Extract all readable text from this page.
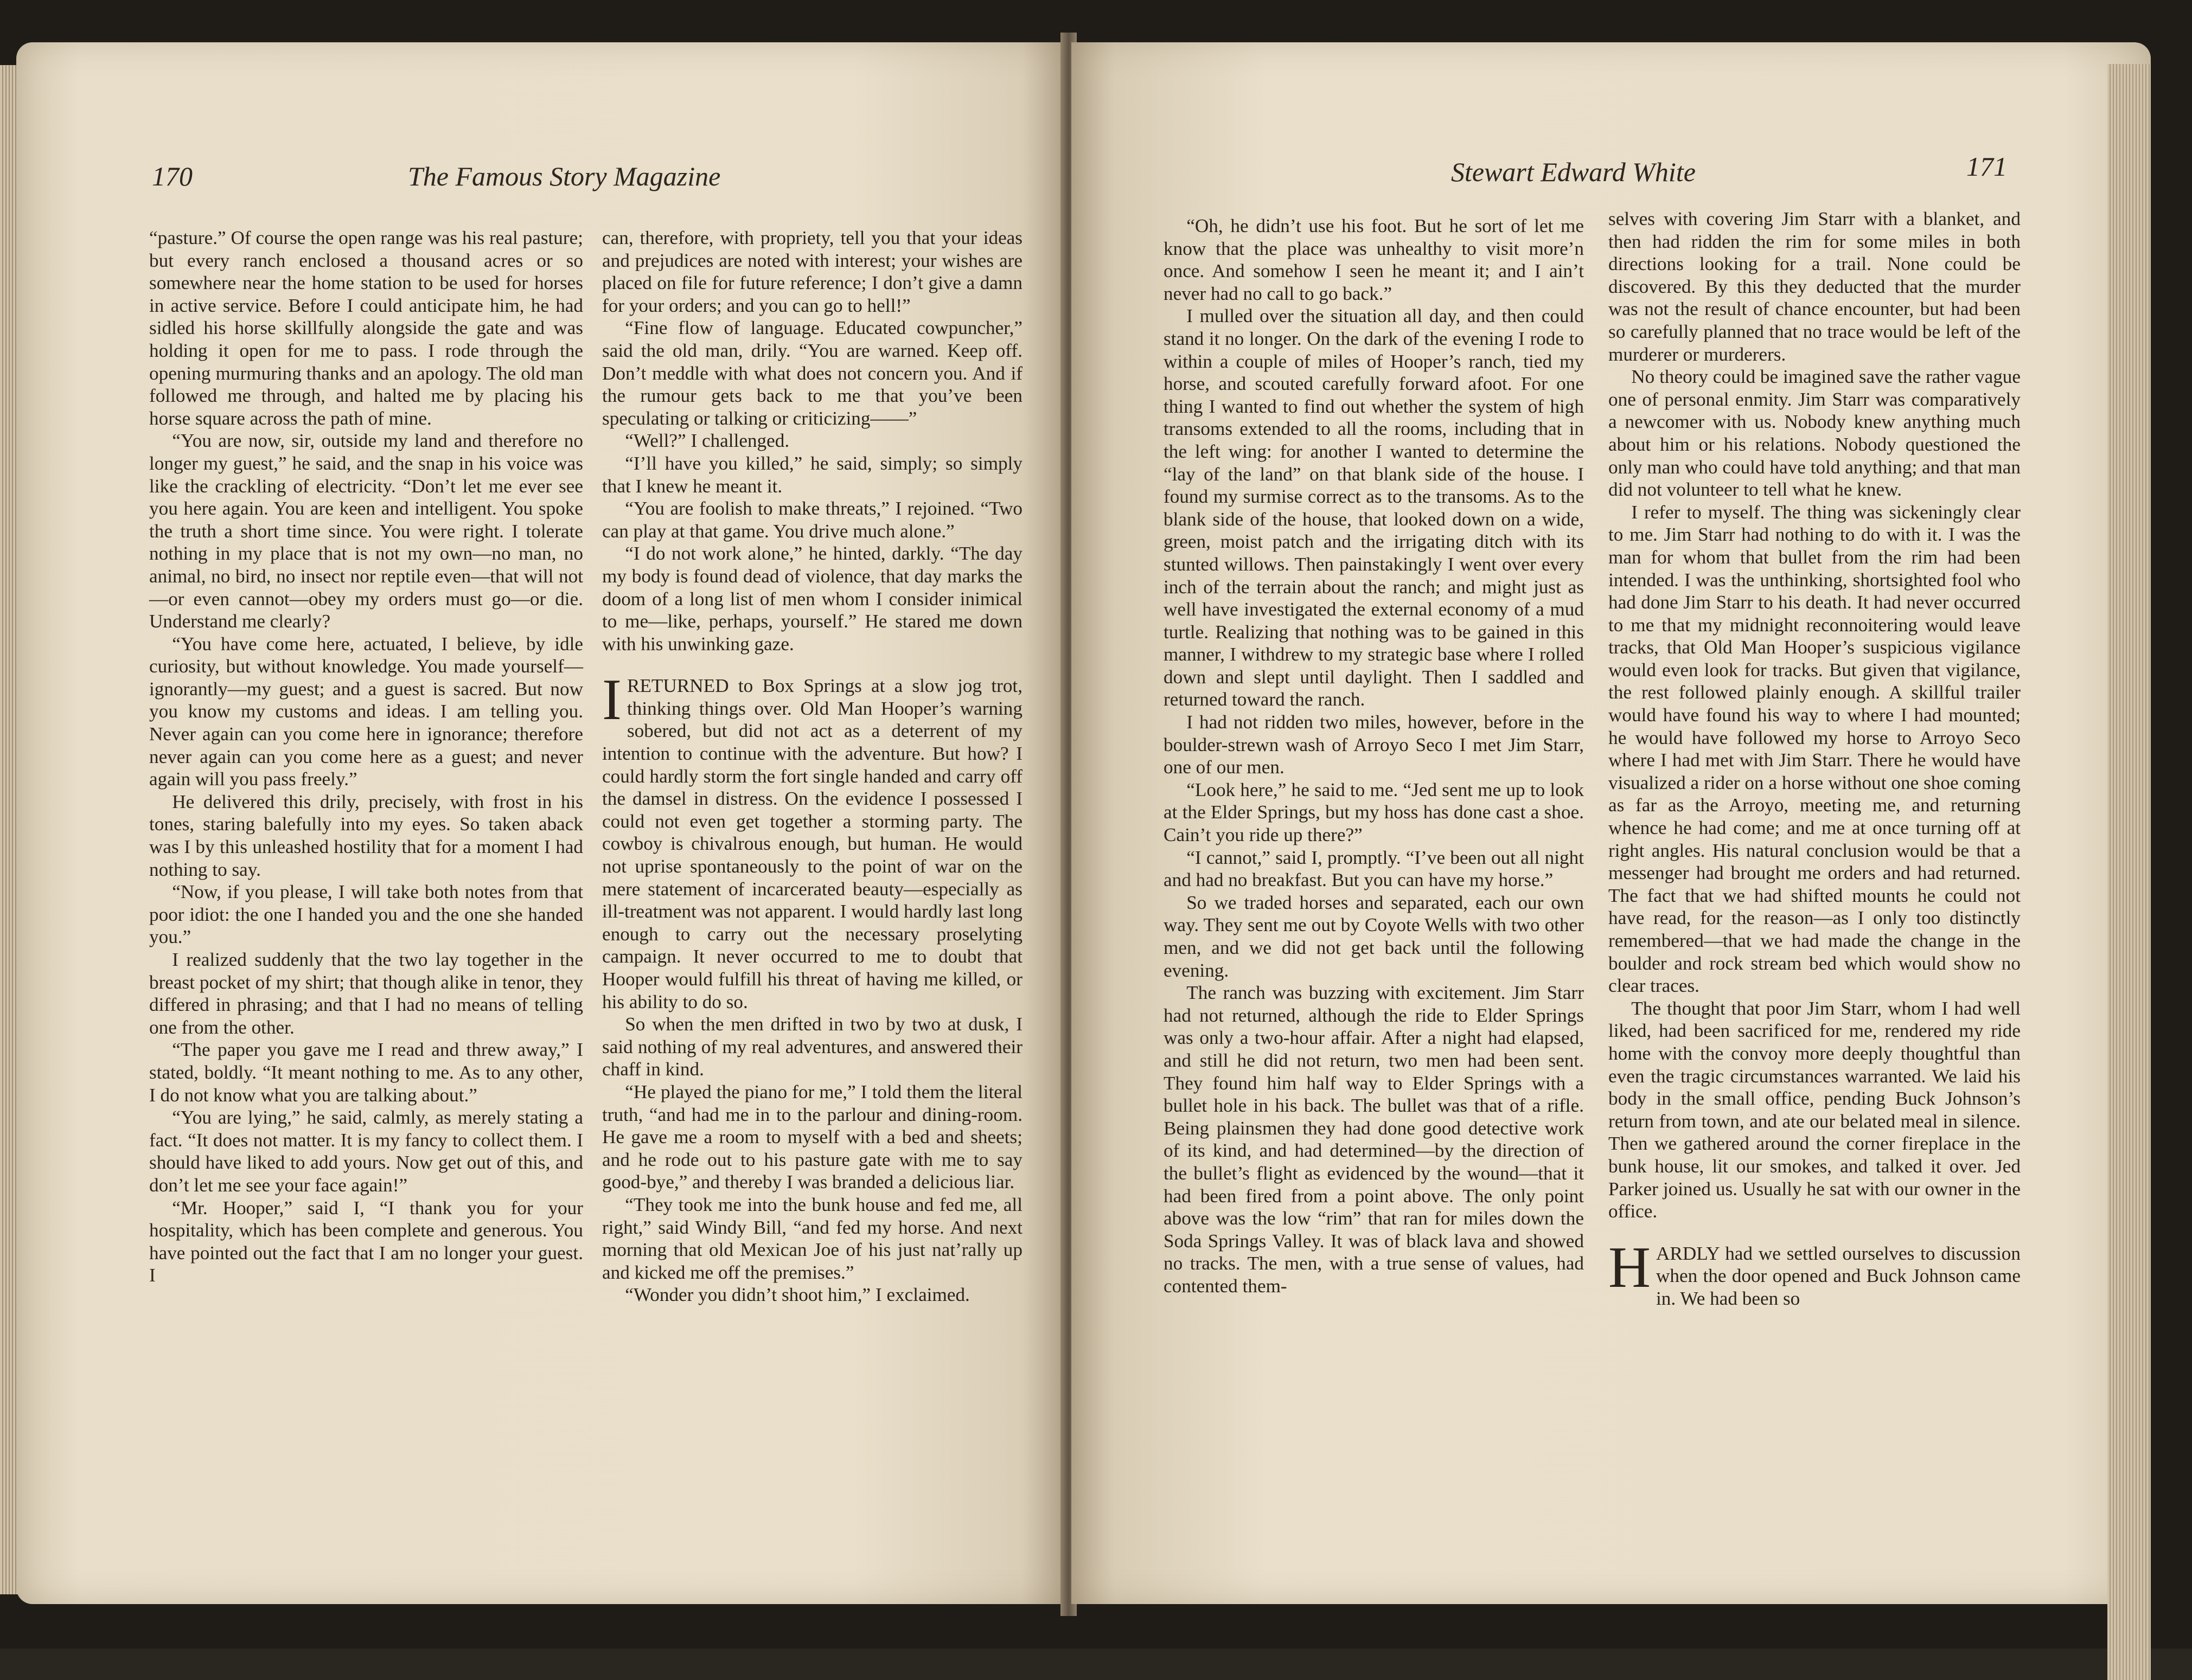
170	The Famous Story Magazine

“pasture.” Of course the open range was his real pasture; but every ranch enclosed a thousand acres or so somewhere near the home station to be used for horses in active service. Before I could anticipate him, he had sidled his horse skillfully alongside the gate and was holding it open for me to pass. I rode through the opening murmuring thanks and an apology. The old man followed me through, and halted me by placing his horse square across the path of mine.

“You are now, sir, outside my land and therefore no longer my guest,” he said, and the snap in his voice was like the crackling of electricity. “Don’t let me ever see you here again. You are keen and intelligent. You spoke the truth a short time since. You were right. I tolerate nothing in my place that is not my own—no man, no animal, no bird, no insect nor reptile even—that will not—or even cannot—obey my orders must go—or die. Understand me clearly?

“You have come here, actuated, I believe, by idle curiosity, but without knowledge. You made yourself—ignorantly—my guest; and a guest is sacred. But now you know my customs and ideas. I am telling you. Never again can you come here in ignorance; therefore never again can you come here as a guest; and never again will you pass freely.”

He delivered this drily, precisely, with frost in his tones, staring balefully into my eyes. So taken aback was I by this unleashed hostility that for a moment I had nothing to say.

“Now, if you please, I will take both notes from that poor idiot: the one I handed you and the one she handed you.”

I realized suddenly that the two lay together in the breast pocket of my shirt; that though alike in tenor, they differed in phrasing; and that I had no means of telling one from the other.

“The paper you gave me I read and threw away,” I stated, boldly. “It meant nothing to me. As to any other, I do not know what you are talking about.”

“You are lying,” he said, calmly, as merely stating a fact. “It does not matter. It is my fancy to collect them. I should have liked to add yours. Now get out of this, and don’t let me see your face again!”

“Mr. Hooper,” said I, “I thank you for your hospitality, which has been complete and generous. You have pointed out the fact that I am no longer your guest. I

can, therefore, with propriety, tell you that your ideas and prejudices are noted with interest; your wishes are placed on file for future reference; I don’t give a damn for your orders; and you can go to hell!”

“Fine flow of language. Educated cowpuncher,” said the old man, drily. “You are warned. Keep off. Don’t meddle with what does not concern you. And if the rumour gets back to me that you’ve been speculating or talking or criticizing——”

“Well?” I challenged.

“I’ll have you killed,” he said, simply; so simply that I knew he meant it.

“You are foolish to make threats,” I rejoined. “Two can play at that game. You drive much alone.”

“I do not work alone,” he hinted, darkly. “The day my body is found dead of violence, that day marks the doom of a long list of men whom I consider inimical to me—like, perhaps, yourself.” He stared me down with his unwinking gaze.

IRETURNED to Box Springs at a slow jog trot, thinking things over. Old Man Hooper’s warning sobered, but did not act as a deterrent of my intention to continue with the adventure. But how? I could hardly storm the fort single handed and carry off the damsel in distress. On the evidence I possessed I could not even get together a storming party. The cowboy is chivalrous enough, but human. He would not uprise spontaneously to the point of war on the mere statement of incarcerated beauty—especially as ill-treatment was not apparent. I would hardly last long enough to carry out the necessary proselyting campaign. It never occurred to me to doubt that Hooper would fulfill his threat of having me killed, or his ability to do so.

So when the men drifted in two by two at dusk, I said nothing of my real adventures, and answered their chaff in kind.

“He played the piano for me,” I told them the literal truth, “and had me in to the parlour and dining-room. He gave me a room to myself with a bed and sheets; and he rode out to his pasture gate with me to say good-bye,” and thereby I was branded a delicious liar.

“They took me into the bunk house and fed me, all right,” said Windy Bill, “and fed my horse. And next morning that old Mexican Joe of his just nat’rally up and kicked me off the premises.”

“Wonder you didn’t shoot him,” I exclaimed.

Stewart Edward White	171

“Oh, he didn’t use his foot. But he sort of let me know that the place was unhealthy to visit more’n once. And somehow I seen he meant it; and I ain’t never had no call to go back.”

I mulled over the situation all day, and then could stand it no longer. On the dark of the evening I rode to within a couple of miles of Hooper’s ranch, tied my horse, and scouted carefully forward afoot. For one thing I wanted to find out whether the system of high transoms extended to all the rooms, including that in the left wing: for another I wanted to determine the “lay of the land” on that blank side of the house. I found my surmise correct as to the transoms. As to the blank side of the house, that looked down on a wide, green, moist patch and the irrigating ditch with its stunted willows. Then painstakingly I went over every inch of the terrain about the ranch; and might just as well have investigated the external economy of a mud turtle. Realizing that nothing was to be gained in this manner, I withdrew to my strategic base where I rolled down and slept until daylight. Then I saddled and returned toward the ranch.

I had not ridden two miles, however, before in the boulder-strewn wash of Arroyo Seco I met Jim Starr, one of our men.

“Look here,” he said to me. “Jed sent me up to look at the Elder Springs, but my hoss has done cast a shoe. Cain’t you ride up there?”

“I cannot,” said I, promptly. “I’ve been out all night and had no breakfast. But you can have my horse.”

So we traded horses and separated, each our own way. They sent me out by Coyote Wells with two other men, and we did not get back until the following evening.

The ranch was buzzing with excitement. Jim Starr had not returned, although the ride to Elder Springs was only a two-hour affair. After a night had elapsed, and still he did not return, two men had been sent. They found him half way to Elder Springs with a bullet hole in his back. The bullet was that of a rifle. Being plainsmen they had done good detective work of its kind, and had determined—by the direction of the bullet’s flight as evidenced by the wound—that it had been fired from a point above. The only point above was the low “rim” that ran for miles down the Soda Springs Valley. It was of black lava and showed no tracks. The men, with a true sense of values, had contented them-

selves with covering Jim Starr with a blanket, and then had ridden the rim for some miles in both directions looking for a trail. None could be discovered. By this they deducted that the murder was not the result of chance encounter, but had been so carefully planned that no trace would be left of the murderer or murderers.

No theory could be imagined save the rather vague one of personal enmity. Jim Starr was comparatively a newcomer with us. Nobody knew anything much about him or his relations. Nobody questioned the only man who could have told anything; and that man did not volunteer to tell what he knew.

I refer to myself. The thing was sickeningly clear to me. Jim Starr had nothing to do with it. I was the man for whom that bullet from the rim had been intended. I was the unthinking, shortsighted fool who had done Jim Starr to his death. It had never occurred to me that my midnight reconnoitering would leave tracks, that Old Man Hooper’s suspicious vigilance would even look for tracks. But given that vigilance, the rest followed plainly enough. A skillful trailer would have found his way to where I had mounted; he would have followed my horse to Arroyo Seco where I had met with Jim Starr. There he would have visualized a rider on a horse without one shoe coming as far as the Arroyo, meeting me, and returning whence he had come; and me at once turning off at right angles. His natural conclusion would be that a messenger had brought me orders and had returned. The fact that we had shifted mounts he could not have read, for the reason—as I only too distinctly remembered—that we had made the change in the boulder and rock stream bed which would show no clear traces.

The thought that poor Jim Starr, whom I had well liked, had been sacrificed for me, rendered my ride home with the convoy more deeply thoughtful than even the tragic circumstances warranted. We laid his body in the small office, pending Buck Johnson’s return from town, and ate our belated meal in silence. Then we gathered around the corner fireplace in the bunk house, lit our smokes, and talked it over. Jed Parker joined us. Usually he sat with our owner in the office.

HARDLY had we settled ourselves to discussion when the door opened and Buck Johnson came in. We had been so
